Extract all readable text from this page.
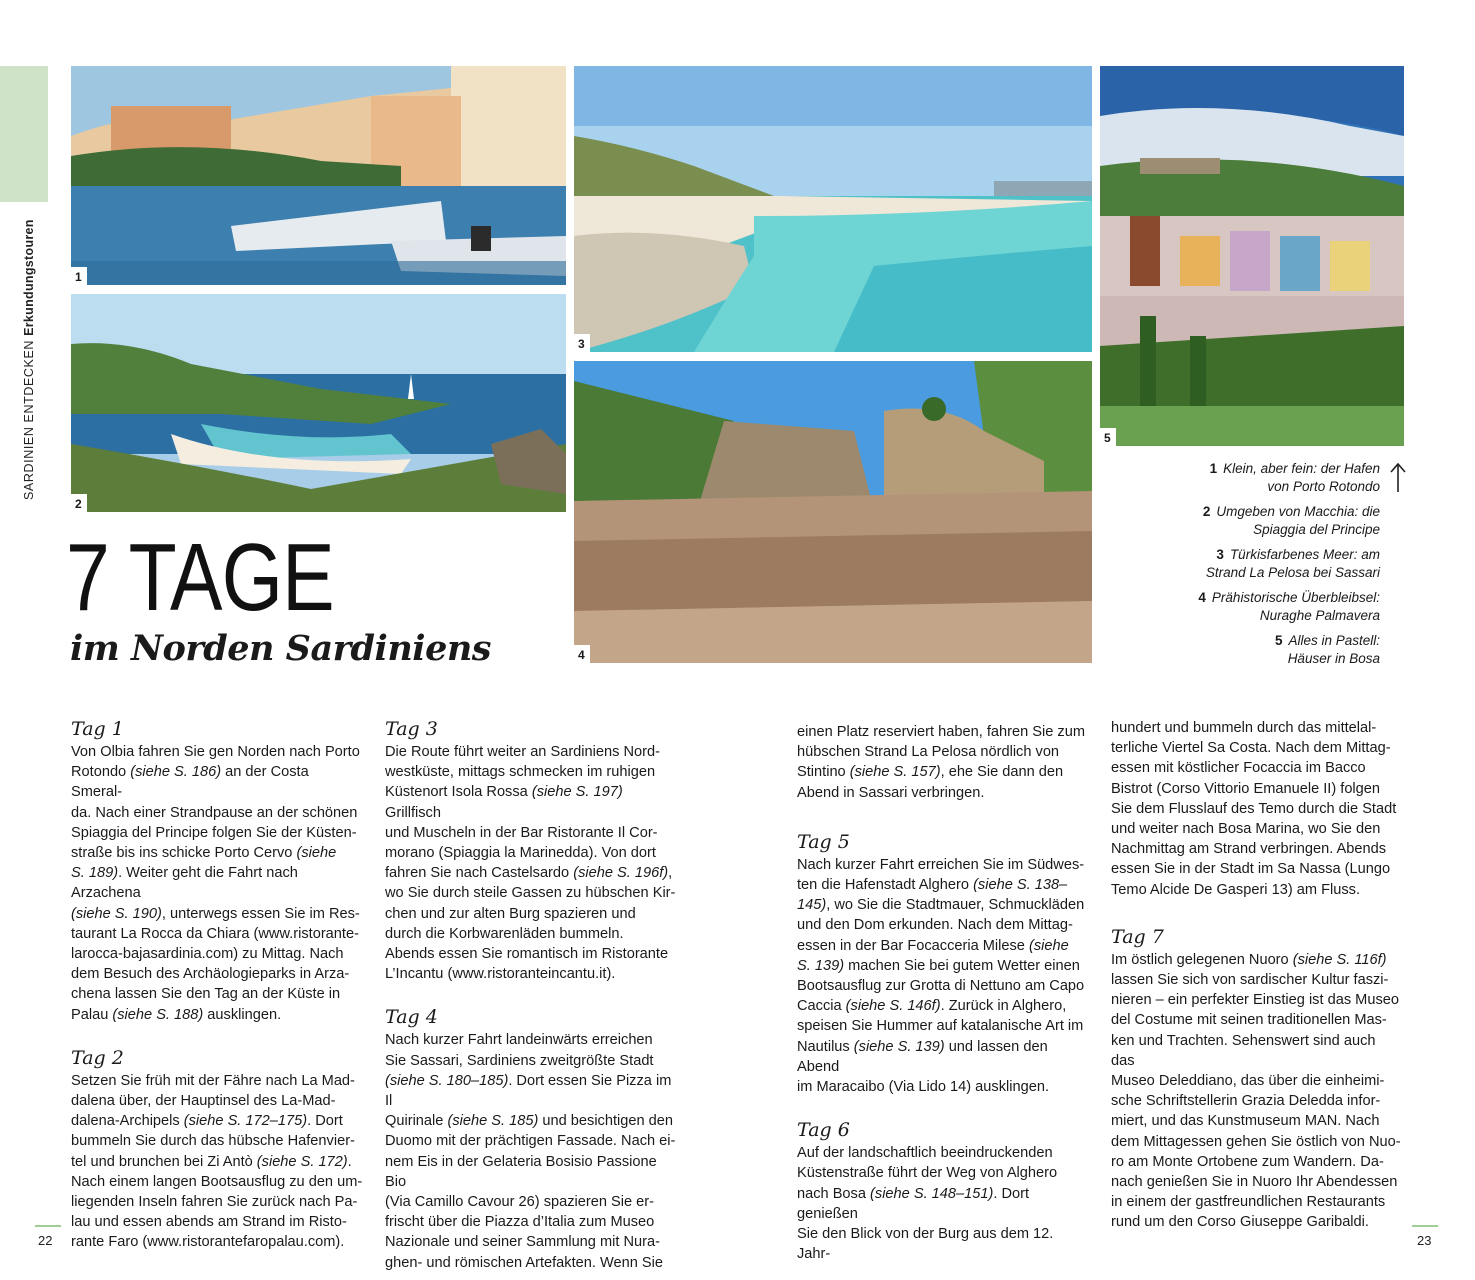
SARDINIEN ENTDECKEN Erkundungstouren	1
2
3
4
5
1 Klein, aber fein: der Hafen
von Porto Rotondo
2 Umgeben von Macchia: die
Spiaggia del Principe
3 Türkisfarbenes Meer: am
Strand La Pelosa bei Sassari
4 Prähistorische Überbleibsel:
Nuraghe Palmavera
5 Alles in Pastell:
Häuser in Bosa
7 TAGE
im Norden Sardiniens
Tag 1
Von Olbia fahren Sie gen Norden nach Porto
Rotondo (siehe S. 186) an der Costa Smeral-
da. Nach einer Strandpause an der schönen
Spiaggia del Principe folgen Sie der Küsten-
straße bis ins schicke Porto Cervo (siehe
S. 189). Weiter geht die Fahrt nach Arzachena
(siehe S. 190), unterwegs essen Sie im Res-
taurant La Rocca da Chiara (www.ristorante-
larocca-bajasardinia.com) zu Mittag. Nach
dem Besuch des Archäologieparks in Arza-
chena lassen Sie den Tag an der Küste in
Palau (siehe S. 188) ausklingen.
Tag 2
Setzen Sie früh mit der Fähre nach La Mad-
dalena über, der Hauptinsel des La-Mad-
dalena-Archipels (siehe S. 172–175). Dort
bummeln Sie durch das hübsche Hafenvier-
tel und brunchen bei Zi Antò (siehe S. 172).
Nach einem langen Bootsausflug zu den um-
liegenden Inseln fahren Sie zurück nach Pa-
lau und essen abends am Strand im Risto-
rante Faro (www.ristorantefaropalau.com).
Tag 3
Die Route führt weiter an Sardiniens Nord-
westküste, mittags schmecken im ruhigen
Küstenort Isola Rossa (siehe S. 197) Grillfisch
und Muscheln in der Bar Ristorante Il Cor-
morano (Spiaggia la Marinedda). Von dort
fahren Sie nach Castelsardo (siehe S. 196f),
wo Sie durch steile Gassen zu hübschen Kir-
chen und zur alten Burg spazieren und
durch die Korbwarenläden bummeln.
Abends essen Sie romantisch im Ristorante
L’Incantu (www.ristoranteincantu.it).
Tag 4
Nach kurzer Fahrt landeinwärts erreichen
Sie Sassari, Sardiniens zweitgrößte Stadt
(siehe S. 180–185). Dort essen Sie Pizza im Il
Quirinale (siehe S. 185) und besichtigen den
Duomo mit der prächtigen Fassade. Nach ei-
nem Eis in der Gelateria Bosisio Passione Bio
(Via Camillo Cavour 26) spazieren Sie er-
frischt über die Piazza d’Italia zum Museo
Nazionale und seiner Sammlung mit Nura-
ghen- und römischen Artefakten. Wenn Sie
einen Platz reserviert haben, fahren Sie zum
hübschen Strand La Pelosa nördlich von
Stintino (siehe S. 157), ehe Sie dann den
Abend in Sassari verbringen.
Tag 5
Nach kurzer Fahrt erreichen Sie im Südwes-
ten die Hafenstadt Alghero (siehe S. 138–
145), wo Sie die Stadtmauer, Schmuckläden
und den Dom erkunden. Nach dem Mittag-
essen in der Bar Focacceria Milese (siehe
S. 139) machen Sie bei gutem Wetter einen
Bootsausflug zur Grotta di Nettuno am Capo
Caccia (siehe S. 146f). Zurück in Alghero,
speisen Sie Hummer auf katalanische Art im
Nautilus (siehe S. 139) und lassen den Abend
im Maracaibo (Via Lido 14) ausklingen.
Tag 6
Auf der landschaftlich beeindruckenden
Küstenstraße führt der Weg von Alghero
nach Bosa (siehe S. 148–151). Dort genießen
Sie den Blick von der Burg aus dem 12. Jahr-
hundert und bummeln durch das mittelal-
terliche Viertel Sa Costa. Nach dem Mittag-
essen mit köstlicher Focaccia im Bacco
Bistrot (Corso Vittorio Emanuele II) folgen
Sie dem Flusslauf des Temo durch die Stadt
und weiter nach Bosa Marina, wo Sie den
Nachmittag am Strand verbringen. Abends
essen Sie in der Stadt im Sa Nassa (Lungo
Temo Alcide De Gasperi 13) am Fluss.
Tag 7
Im östlich gelegenen Nuoro (siehe S. 116f)
lassen Sie sich von sardischer Kultur faszi-
nieren – ein perfekter Einstieg ist das Museo
del Costume mit seinen traditionellen Mas-
ken und Trachten. Sehenswert sind auch das
Museo Deleddiano, das über die einheimi-
sche Schriftstellerin Grazia Deledda infor-
miert, und das Kunstmuseum MAN. Nach
dem Mittagessen gehen Sie östlich von Nuo-
ro am Monte Ortobene zum Wandern. Da-
nach genießen Sie in Nuoro Ihr Abendessen
in einem der gastfreundlichen Restaurants
rund um den Corso Giuseppe Garibaldi.
22	23
